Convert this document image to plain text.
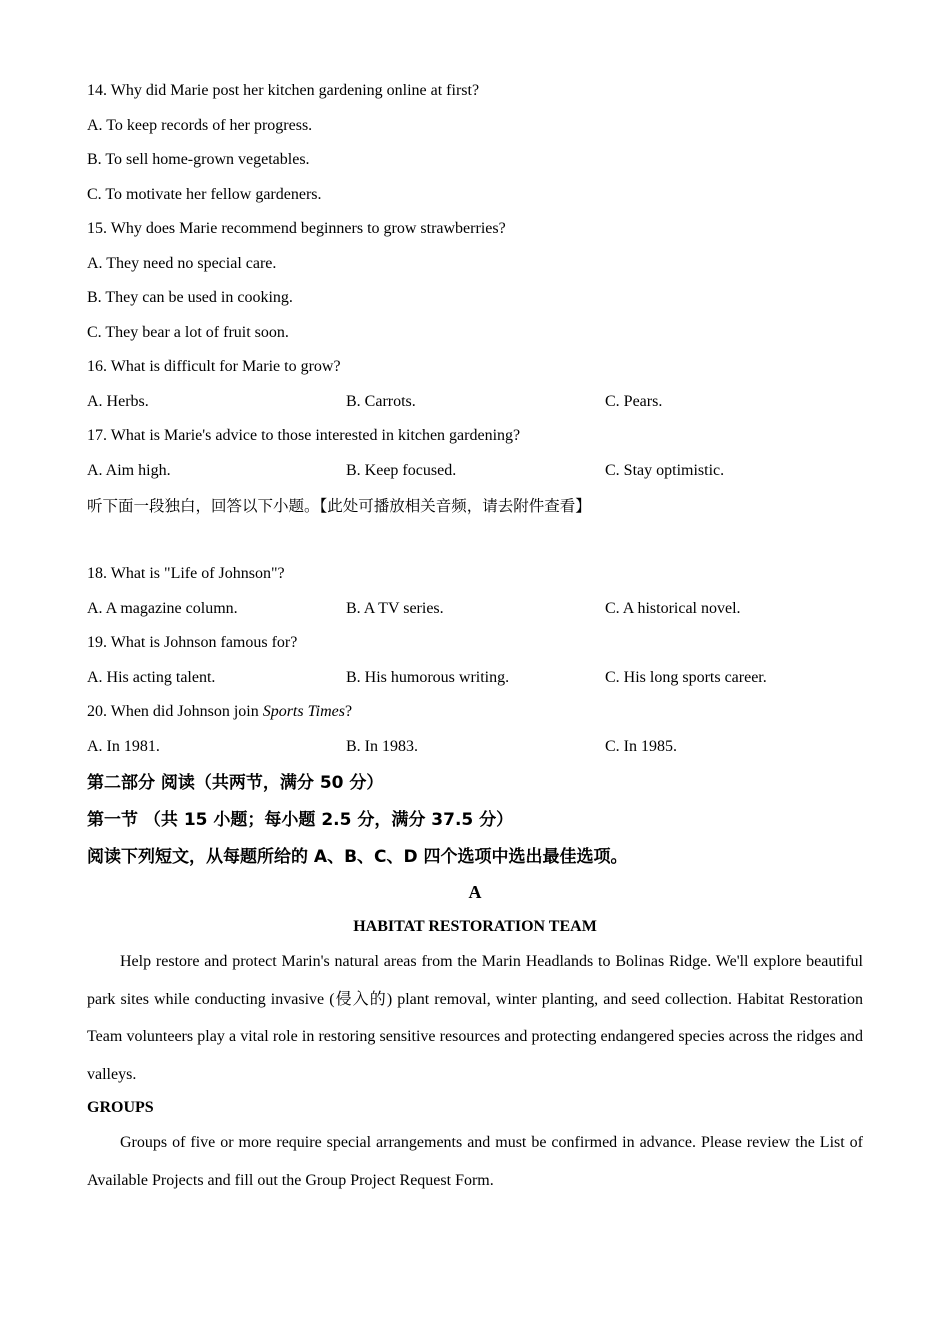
14. Why did Marie post her kitchen gardening online at first?
A. To keep records of her progress.
B. To sell home-grown vegetables.
C. To motivate her fellow gardeners.
15. Why does Marie recommend beginners to grow strawberries?
A. They need no special care.
B. They can be used in cooking.
C. They bear a lot of fruit soon.
16. What is difficult for Marie to grow?
A. Herbs.	B. Carrots.	C. Pears.
17. What is Marie's advice to those interested in kitchen gardening?
A. Aim high.	B. Keep focused.	C. Stay optimistic.
听下面一段独白，回答以下小题。【此处可播放相关音频，请去附件查看】
18. What is "Life of Johnson"?
A. A magazine column.	B. A TV series.	C. A historical novel.
19. What is Johnson famous for?
A. His acting talent.	B. His humorous writing.	C. His long sports career.
20. When did Johnson join Sports Times?
A. In 1981.	B. In 1983.	C. In 1985.
第二部分 阅读（共两节，满分 50 分）
第一节 （共 15 小题；每小题 2.5 分，满分 37.5 分）
阅读下列短文，从每题所给的 A、B、C、D 四个选项中选出最佳选项。
A
HABITAT RESTORATION TEAM
Help restore and protect Marin's natural areas from the Marin Headlands to Bolinas Ridge. We'll explore beautiful park sites while conducting invasive (侵入的) plant removal, winter planting, and seed collection. Habitat Restoration Team volunteers play a vital role in restoring sensitive resources and protecting endangered species across the ridges and valleys.
GROUPS
Groups of five or more require special arrangements and must be confirmed in advance. Please review the List of Available Projects and fill out the Group Project Request Form.
